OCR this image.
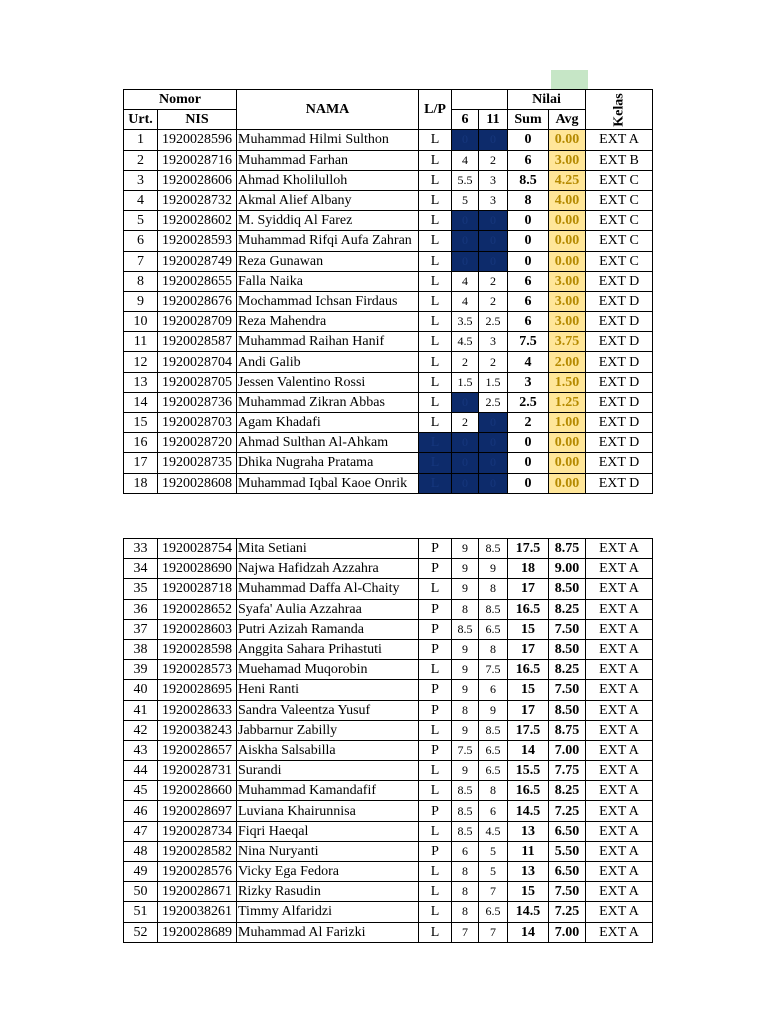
Nomor		NAMA	L/P			Nilai		Kelas

Urt.	NIS			6	11	Sum	Avg	
1	1920028596	Muhammad Hilmi Sulthon	L	0	0	0	0.00	EXT A
2	1920028716	Muhammad Farhan	L	4	2	6	3.00	EXT B
3	1920028606	Ahmad Kholilulloh	L	5.5	3	8.5	4.25	EXT C
4	1920028732	Akmal Alief Albany	L	5	3	8	4.00	EXT C
5	1920028602	M. Syiddiq Al Farez	L	0	0	0	0.00	EXT C
6	1920028593	Muhammad Rifqi Aufa Zahran	L	0	0	0	0.00	EXT C
7	1920028749	Reza Gunawan	L	0	0	0	0.00	EXT C
8	1920028655	Falla Naika	L	4	2	6	3.00	EXT D
9	1920028676	Mochammad Ichsan Firdaus	L	4	2	6	3.00	EXT D
10	1920028709	Reza Mahendra	L	3.5	2.5	6	3.00	EXT D
11	1920028587	Muhammad Raihan Hanif	L	4.5	3	7.5	3.75	EXT D
12	1920028704	Andi Galib	L	2	2	4	2.00	EXT D
13	1920028705	Jessen Valentino Rossi	L	1.5	1.5	3	1.50	EXT D
14	1920028736	Muhammad Zikran Abbas	L	0	2.5	2.5	1.25	EXT D
15	1920028703	Agam Khadafi	L	2	0	2	1.00	EXT D
16	1920028720	Ahmad Sulthan Al-Ahkam	L	0	0	0	0.00	EXT D
17	1920028735	Dhika Nugraha Pratama	L	0	0	0	0.00	EXT D
18	1920028608	Muhammad Iqbal Kaoe Onrik	L	0	0	0	0.00	EXT D
33	1920028754	Mita Setiani	P	9	8.5	17.5	8.75	EXT A
34	1920028690	Najwa Hafidzah Azzahra	P	9	9	18	9.00	EXT A
35	1920028718	Muhammad Daffa Al-Chaity	L	9	8	17	8.50	EXT A
36	1920028652	Syafa' Aulia Azzahraa	P	8	8.5	16.5	8.25	EXT A
37	1920028603	Putri Azizah Ramanda	P	8.5	6.5	15	7.50	EXT A
38	1920028598	Anggita Sahara Prihastuti	P	9	8	17	8.50	EXT A
39	1920028573	Muehamad Muqorobin	L	9	7.5	16.5	8.25	EXT A
40	1920028695	Heni Ranti	P	9	6	15	7.50	EXT A
41	1920028633	Sandra Valeentza Yusuf	P	8	9	17	8.50	EXT A
42	1920038243	Jabbarnur Zabilly	L	9	8.5	17.5	8.75	EXT A
43	1920028657	Aiskha Salsabilla	P	7.5	6.5	14	7.00	EXT A
44	1920028731	Surandi	L	9	6.5	15.5	7.75	EXT A
45	1920028660	Muhammad Kamandafif	L	8.5	8	16.5	8.25	EXT A
46	1920028697	Luviana Khairunnisa	P	8.5	6	14.5	7.25	EXT A
47	1920028734	Fiqri Haeqal	L	8.5	4.5	13	6.50	EXT A
48	1920028582	Nina Nuryanti	P	6	5	11	5.50	EXT A
49	1920028576	Vicky Ega Fedora	L	8	5	13	6.50	EXT A
50	1920028671	Rizky Rasudin	L	8	7	15	7.50	EXT A
51	1920038261	Timmy Alfaridzi	L	8	6.5	14.5	7.25	EXT A
52	1920028689	Muhammad Al Farizki	L	7	7	14	7.00	EXT A
